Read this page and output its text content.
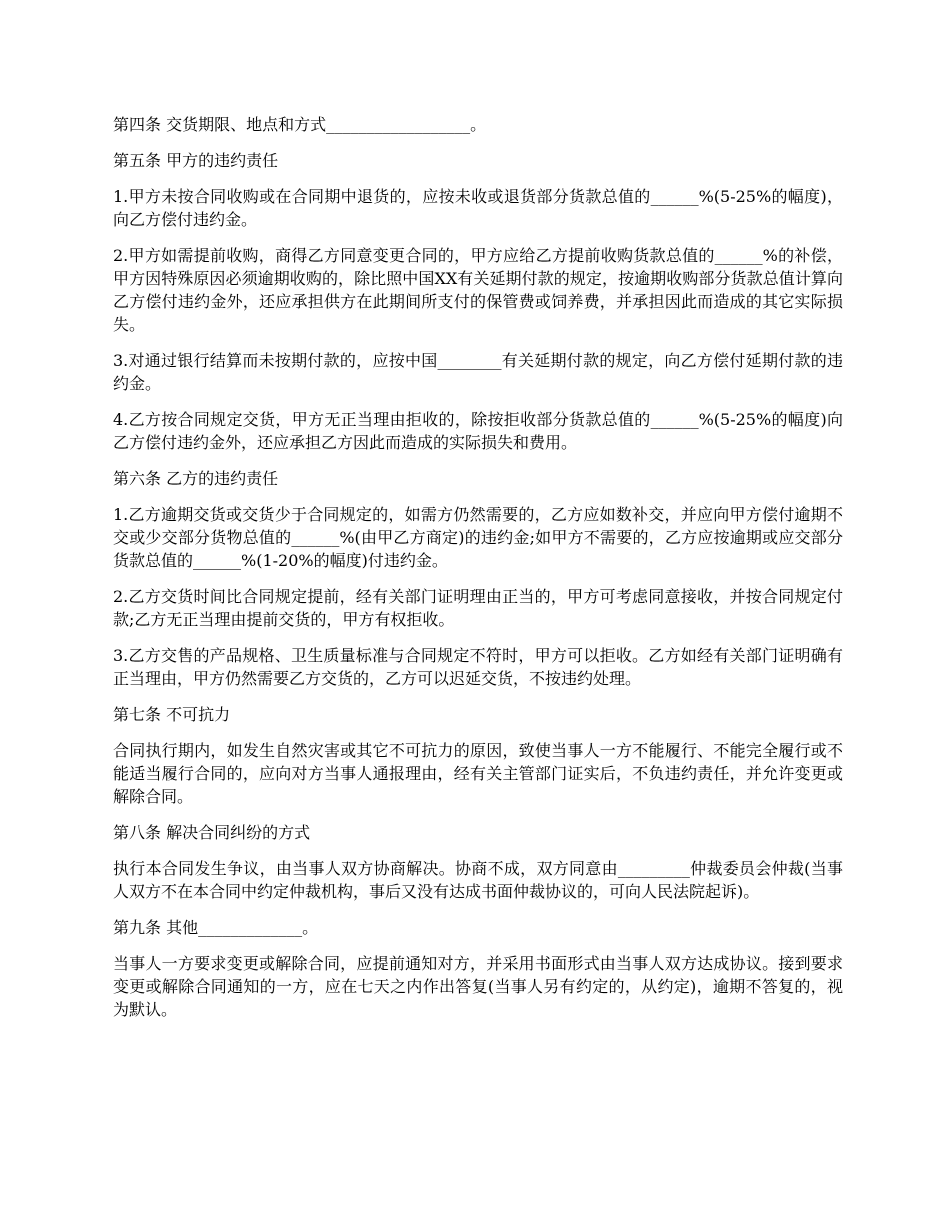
第四条 交货期限、地点和方式__________________。

第五条 甲方的违约责任

1.甲方未按合同收购或在合同期中退货的，应按未收或退货部分货款总值的______%(5-25%的幅度)，向乙方偿付违约金。

2.甲方如需提前收购，商得乙方同意变更合同的，甲方应给乙方提前收购货款总值的______%的补偿，甲方因特殊原因必须逾期收购的，除比照中国XX有关延期付款的规定，按逾期收购部分货款总值计算向乙方偿付违约金外，还应承担供方在此期间所支付的保管费或饲养费，并承担因此而造成的其它实际损失。

3.对通过银行结算而未按期付款的，应按中国________有关延期付款的规定，向乙方偿付延期付款的违约金。

4.乙方按合同规定交货，甲方无正当理由拒收的，除按拒收部分货款总值的______%(5-25%的幅度)向乙方偿付违约金外，还应承担乙方因此而造成的实际损失和费用。

第六条 乙方的违约责任

1.乙方逾期交货或交货少于合同规定的，如需方仍然需要的，乙方应如数补交，并应向甲方偿付逾期不交或少交部分货物总值的______%(由甲乙方商定)的违约金;如甲方不需要的，乙方应按逾期或应交部分货款总值的______%(1-20%的幅度)付违约金。

2.乙方交货时间比合同规定提前，经有关部门证明理由正当的，甲方可考虑同意接收，并按合同规定付款;乙方无正当理由提前交货的，甲方有权拒收。

3.乙方交售的产品规格、卫生质量标准与合同规定不符时，甲方可以拒收。乙方如经有关部门证明确有正当理由，甲方仍然需要乙方交货的，乙方可以迟延交货，不按违约处理。

第七条 不可抗力

合同执行期内，如发生自然灾害或其它不可抗力的原因，致使当事人一方不能履行、不能完全履行或不能适当履行合同的，应向对方当事人通报理由，经有关主管部门证实后，不负违约责任，并允许变更或解除合同。

第八条 解决合同纠纷的方式

执行本合同发生争议，由当事人双方协商解决。协商不成，双方同意由_________仲裁委员会仲裁(当事人双方不在本合同中约定仲裁机构，事后又没有达成书面仲裁协议的，可向人民法院起诉)。

第九条 其他_____________。

当事人一方要求变更或解除合同，应提前通知对方，并采用书面形式由当事人双方达成协议。接到要求变更或解除合同通知的一方，应在七天之内作出答复(当事人另有约定的，从约定)，逾期不答复的，视为默认。
